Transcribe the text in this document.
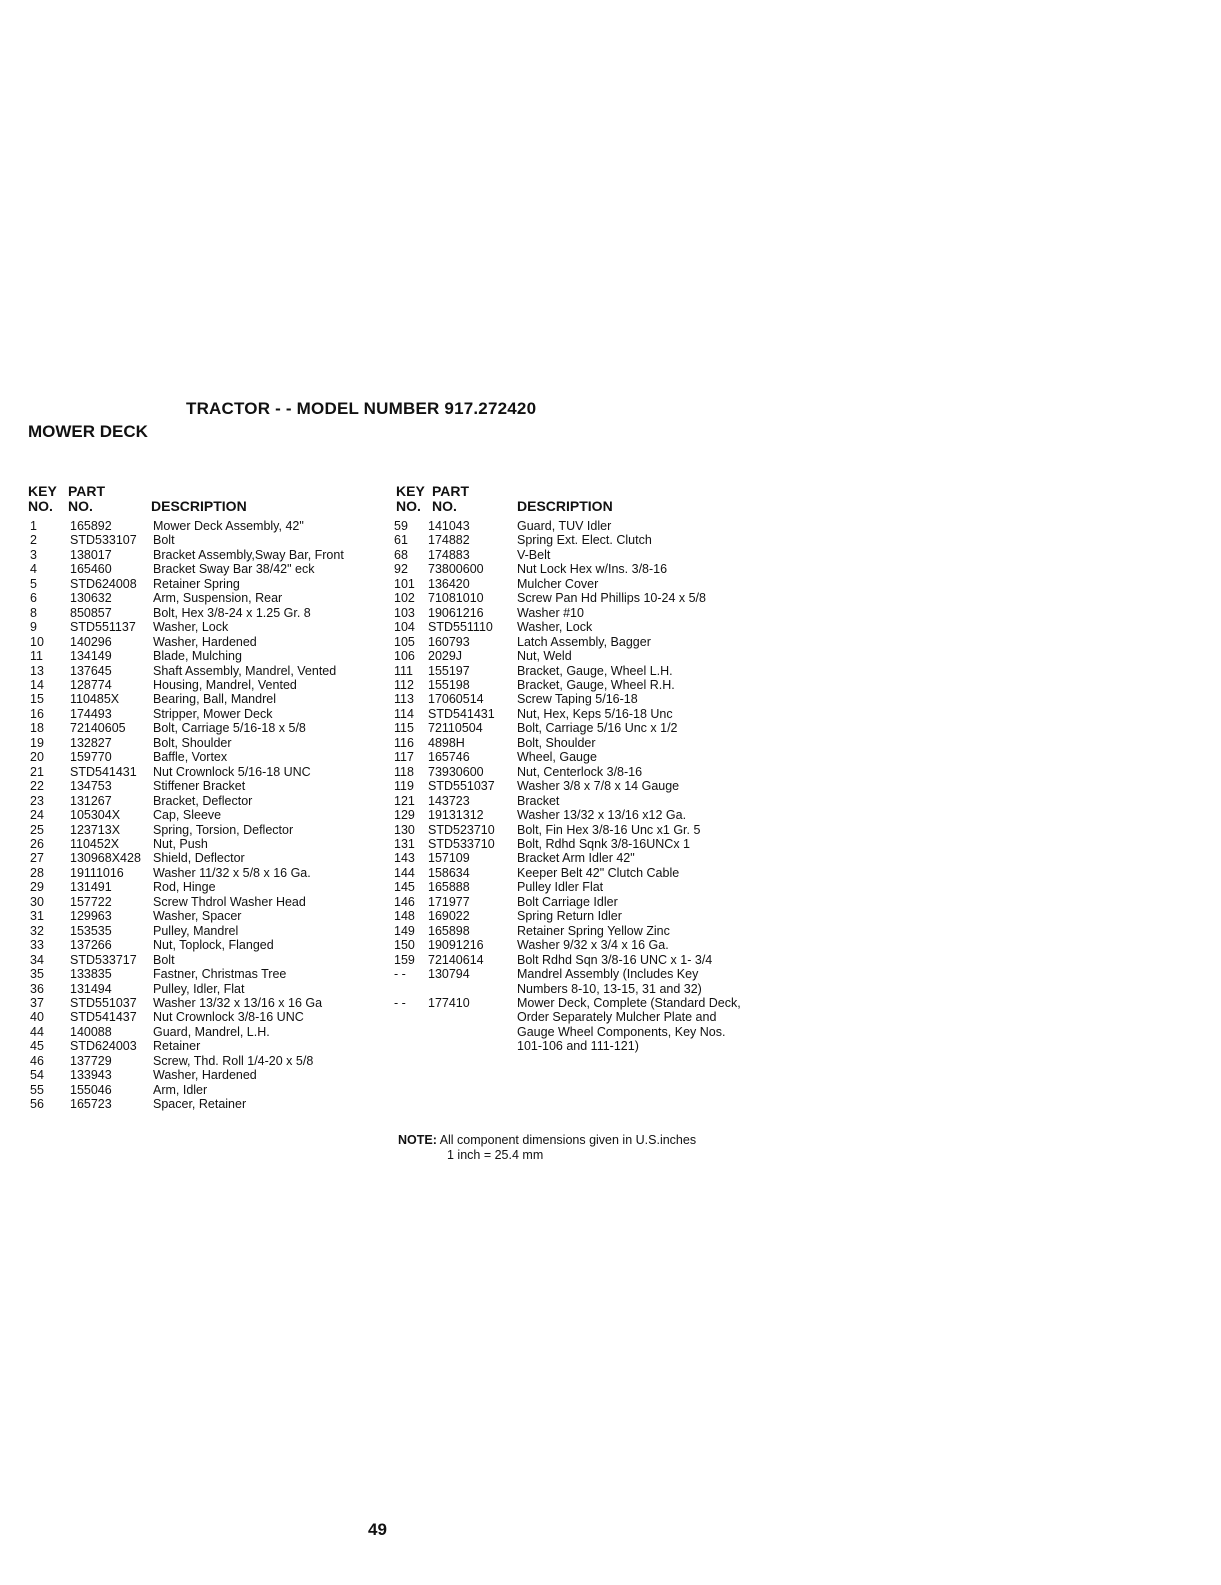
TRACTOR - - MODEL NUMBER 917.272420
MOWER DECK
KEY
NO.
PART
NO.	DESCRIPTION
KEY
NO.
PART
NO.	DESCRIPTION
1	165892	Mower Deck Assembly, 42"
2	STD533107	Bolt
3	138017	Bracket Assembly,Sway Bar, Front
4	165460	Bracket Sway Bar 38/42" eck
5	STD624008	Retainer Spring
6	130632	Arm, Suspension, Rear
8	850857	Bolt, Hex 3/8-24 x 1.25 Gr. 8
9	STD551137	Washer, Lock
10	140296	Washer, Hardened
11	134149	Blade, Mulching
13	137645	Shaft Assembly, Mandrel, Vented
14	128774	Housing, Mandrel, Vented
15	110485X	Bearing, Ball, Mandrel
16	174493	Stripper, Mower Deck
18	72140605	Bolt, Carriage 5/16-18 x 5/8
19	132827	Bolt, Shoulder
20	159770	Baffle, Vortex
21	STD541431	Nut Crownlock 5/16-18 UNC
22	134753	Stiffener Bracket
23	131267	Bracket, Deflector
24	105304X	Cap, Sleeve
25	123713X	Spring, Torsion, Deflector
26	110452X	Nut, Push
27	130968X428 Shield, Deflector
28	19111016	Washer 11/32 x 5/8 x 16 Ga.
29	131491	Rod, Hinge
30	157722	Screw Thdrol Washer Head
31	129963	Washer, Spacer
32	153535	Pulley, Mandrel
33	137266	Nut, Toplock, Flanged
34	STD533717	Bolt
35	133835	Fastner, Christmas Tree
36	131494	Pulley, Idler, Flat
37	STD551037	Washer 13/32 x 13/16 x 16 Ga
40	STD541437	Nut Crownlock 3/8-16 UNC
44	140088	Guard, Mandrel, L.H.
45	STD624003	Retainer
46	137729	Screw, Thd. Roll 1/4-20 x 5/8
54	133943	Washer, Hardened
55	155046	Arm, Idler
56	165723	Spacer, Retainer
59	141043	Guard, TUV Idler
61	174882	Spring Ext. Elect. Clutch
68	174883	V-Belt
92	73800600	Nut Lock Hex w/Ins. 3/8-16
101	136420	Mulcher Cover
102	71081010	Screw Pan Hd Phillips 10-24 x 5/8
103	19061216	Washer #10
104	STD551110	Washer, Lock
105	160793	Latch Assembly, Bagger
106	2029J	Nut, Weld
111	155197	Bracket, Gauge, Wheel L.H.
112	155198	Bracket, Gauge, Wheel R.H.
113	17060514	Screw Taping 5/16-18
114	STD541431	Nut, Hex, Keps 5/16-18 Unc
115	72110504	Bolt, Carriage 5/16 Unc x 1/2
116	4898H	Bolt, Shoulder
117	165746	Wheel, Gauge
118	73930600	Nut, Centerlock 3/8-16
119	STD551037	Washer 3/8 x 7/8 x 14 Gauge
121	143723	Bracket
129	19131312	Washer 13/32 x 13/16 x12 Ga.
130	STD523710	Bolt, Fin Hex 3/8-16 Unc x1 Gr. 5
131	STD533710	Bolt, Rdhd Sqnk 3/8-16UNCx 1
143	157109	Bracket Arm Idler 42"
144	158634	Keeper Belt 42" Clutch Cable
145	165888	Pulley Idler Flat
146	171977	Bolt Carriage Idler
148	169022	Spring Return Idler
149	165898	Retainer Spring Yellow Zinc
150	19091216	Washer 9/32 x 3/4 x 16 Ga.
159	72140614	Bolt Rdhd Sqn 3/8-16 UNC x 1- 3/4
- -	130794	Mandrel Assembly (Includes Key Numbers 8-10, 13-15, 31 and 32)
- -	177410	Mower Deck, Complete (Standard Deck, Order Separately Mulcher Plate and Gauge Wheel Components, Key Nos. 101-106 and 111-121)
NOTE: All component dimensions given in U.S.inches
1 inch = 25.4 mm
49
